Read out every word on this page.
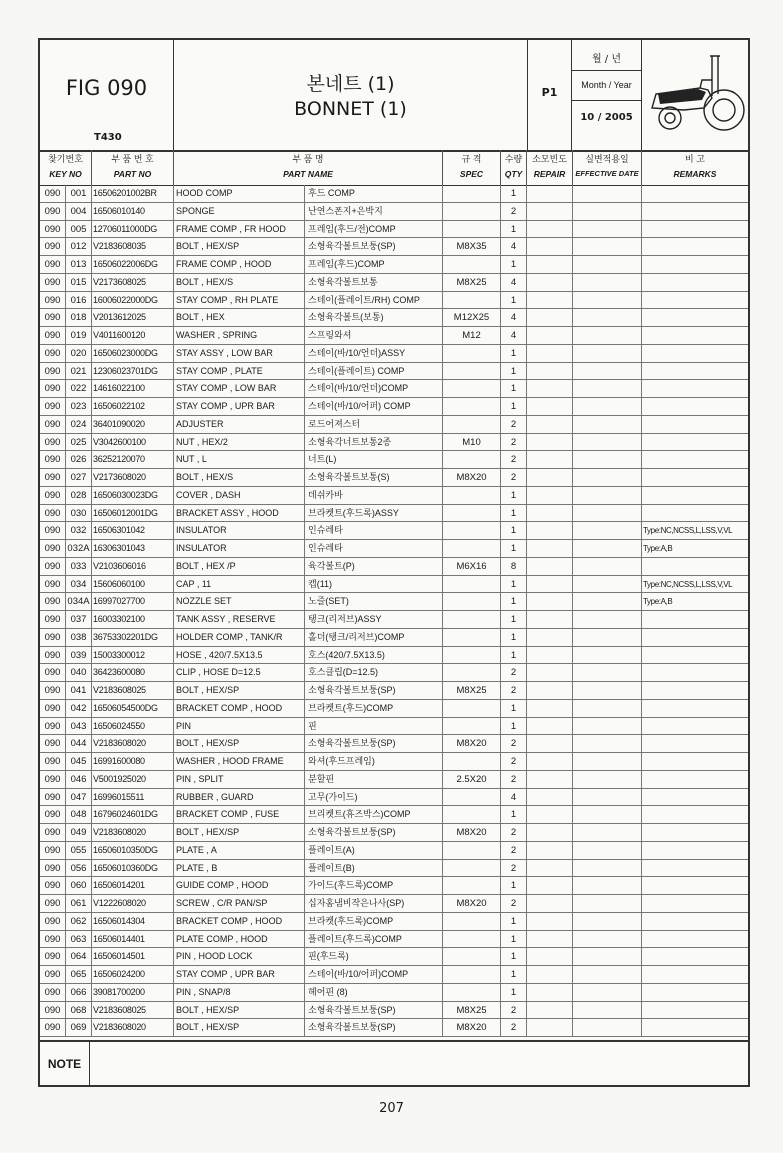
FIG 090
T430
본네트 (1)
BONNET (1)
P1
월 / 년
Month / Year
10 / 2005
찾기번호
KEY NO
부 품 번 호
PART NO
부 품 명
PART NAME
규 격
SPEC
수량
QTY
소모빈도
REPAIR
실변적용일
EFFECTIVE DATE
비 고
REMARKS
090	001 16506201002BR	HOOD COMP	후드 COMP	1
090	004 16506010140	SPONGE	난연스폰지+은박지	2
090	005 12706011000DG	FRAME COMP , FR HOOD	프레임(후드/전)COMP	1
090	012 V2183608035	BOLT , HEX/SP	소형육각볼트보퉁(SP)	M8X35	4
090	013 16506022006DG	FRAME COMP , HOOD	프레임(후드)COMP	1
090	015 V2173608025	BOLT , HEX/S	소형육각볼트보통	M8X25	4
090	016 16006022000DG	STAY COMP , RH PLATE	스테이(플레이트/RH) COMP	1
090	018 V2013612025	BOLT , HEX	소형육각볼트(보통)	M12X25	4
090	019 V4011600120	WASHER , SPRING	스프링와셔	M12	4
090	020 16506023000DG	STAY ASSY , LOW BAR	스테이(바/10/언더)ASSY	1
090	021 12306023701DG	STAY COMP , PLATE	스테이(플레이트) COMP	1
090	022 14616022100	STAY COMP , LOW BAR	스테이(바/10/언더)COMP	1
090	023 16506022102	STAY COMP , UPR BAR	스테이(바/10/어퍼) COMP	1
090	024 36401090020	ADJUSTER	로드어져스터	2
090	025 V3042600100	NUT , HEX/2	소형육각너트보통2종	M10	2
090	026 36252120070	NUT , L	너트(L)	2
090	027 V2173608020	BOLT , HEX/S	소형육각볼트보통(S)	M8X20	2
090	028 16506030023DG	COVER , DASH	데쉬카바	1
090	030 16506012001DG	BRACKET ASSY , HOOD	브라켓트(후드록)ASSY	1
090	032 16506301042	INSULATOR	인슈레타	1	Type:NC,NCSS,L,LSS,V,VL
090 032A 16306301043	INSULATOR	인슈레타	1	Type:A,B
090	033 V2103606016	BOLT , HEX /P	육각볼트(P)	M6X16	8
090	034 15606060100	CAP , 11	캡(11)	1	Type:NC,NCSS,L,LSS,V,VL
090 034A 16997027700	NOZZLE SET	노즐(SET)	1	Type:A,B
090	037 16003302100	TANK ASSY , RESERVE	탱크(리저브)ASSY	1
090	038 36753302201DG	HOLDER COMP , TANK/R	홀더(탱크/리저브)COMP	1
090	039 15003300012	HOSE , 420/7.5X13.5	호스(420/7.5X13.5)	1
090	040 36423600080	CLIP , HOSE D=12.5	호스클립(D=12.5)	2
090	041 V2183608025	BOLT , HEX/SP	소형육각볼트보퉁(SP)	M8X25	2
090	042 16506054500DG	BRACKET COMP , HOOD	브라켓트(후드)COMP	1
090	043 16506024550	PIN	핀	1
090	044 V2183608020	BOLT , HEX/SP	소형육각볼트보퉁(SP)	M8X20	2
090	045 16991600080	WASHER , HOOD FRAME	와셔(후드프레임)	2
090	046 V5001925020	PIN , SPLIT	분할핀	2.5X20	2
090	047 16996015511	RUBBER , GUARD	고무(가이드)	4
090	048 16796024601DG	BRACKET COMP , FUSE	브리켓트(휴즈박스)COMP	1
090	049 V2183608020	BOLT , HEX/SP	소형육각볼트보퉁(SP)	M8X20	2
090	055 16506010350DG	PLATE , A	플레이트(A)	2
090	056 16506010360DG	PLATE , B	플레이트(B)	2
090	060 16506014201	GUIDE COMP , HOOD	가이드(후드록)COMP	1
090	061 V1222608020	SCREW , C/R PAN/SP	십자홈냄비작은나사(SP)	M8X20	2
090	062 16506014304	BRACKET COMP , HOOD	브라켓(후드록)COMP	1
090	063 16506014401	PLATE COMP , HOOD	플레이트(후드록)COMP	1
090	064 16506014501	PIN , HOOD LOCK	핀(후드록)	1
090	065 16506024200	STAY COMP , UPR BAR	스테이(바/10/어퍼)COMP	1
090	066 39081700200	PIN , SNAP/8	헤어핀 (8)	1
090	068 V2183608025	BOLT , HEX/SP	소형육각볼트보퉁(SP)	M8X25	2
090	069 V2183608020	BOLT , HEX/SP	소형육각볼트보퉁(SP)	M8X20	2
NOTE
207
